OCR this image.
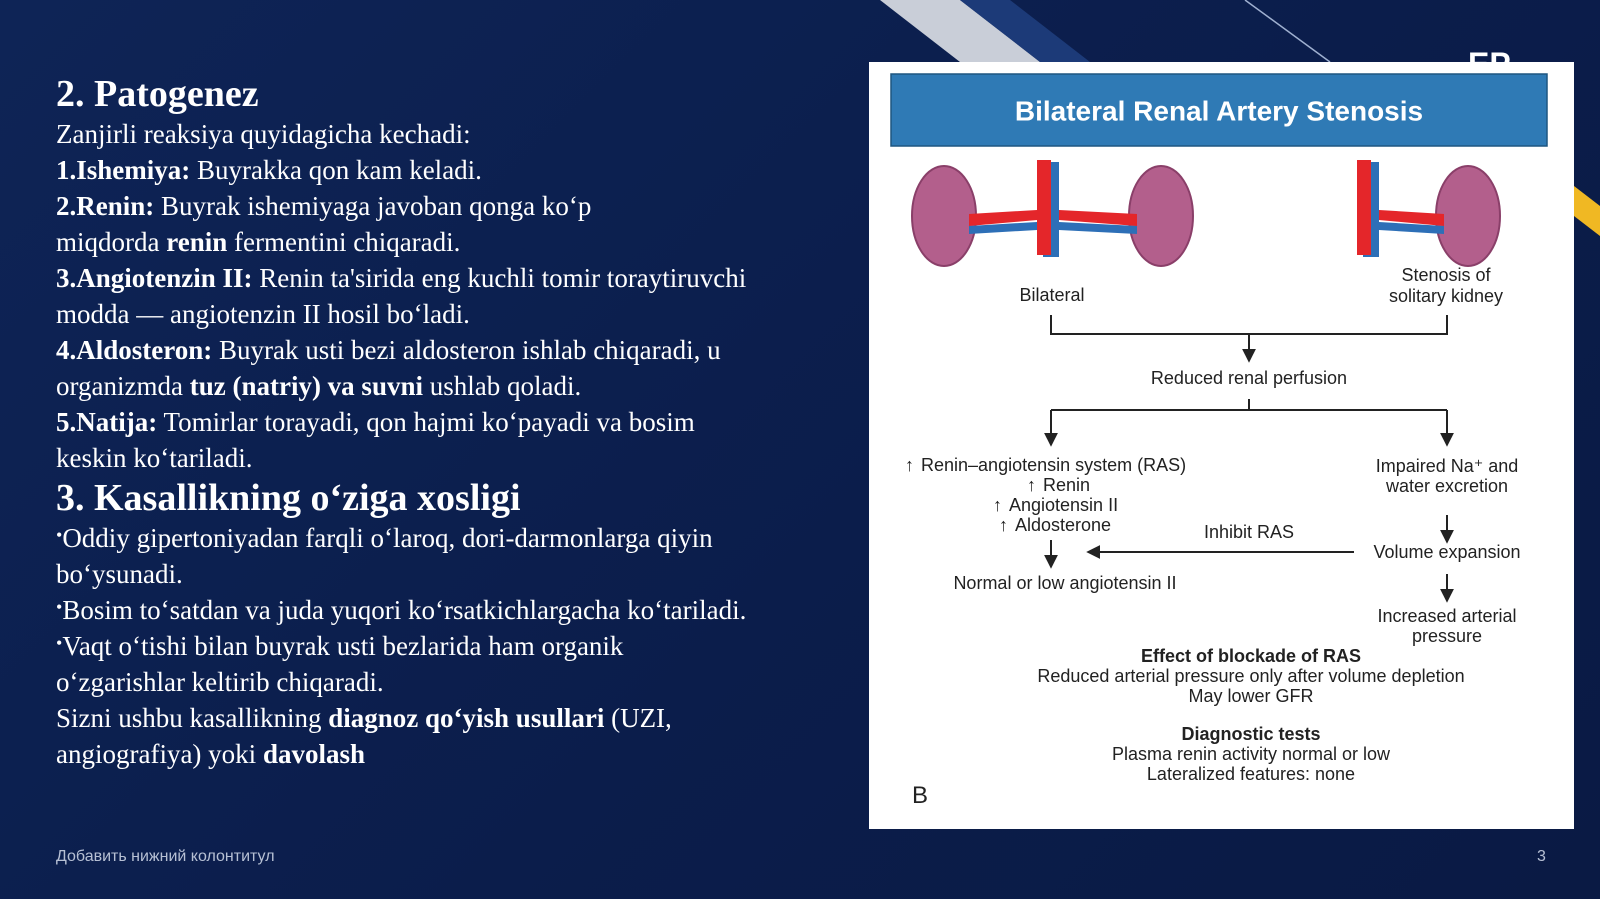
2. Patogenez

Zanjirli reaksiya quyidagicha kechadi:

1.Ishemiya: Buyrakka qon kam keladi.

2.Renin: Buyrak ishemiyaga javoban qonga ko‘p

miqdorda renin fermentini chiqaradi.

3.Angiotenzin II: Renin ta'sirida eng kuchli tomir toraytiruvchi

modda — angiotenzin II hosil bo‘ladi.

4.Aldosteron: Buyrak usti bezi aldosteron ishlab chiqaradi, u

organizmda tuz (natriy) va suvni ushlab qoladi.

5.Natija: Tomirlar torayadi, qon hajmi ko‘payadi va bosim

keskin ko‘tariladi.

3. Kasallikning o‘ziga xosligi

•Oddiy gipertoniyadan farqli o‘laroq, dori-darmonlarga qiyin

bo‘ysunadi.

•Bosim to‘satdan va juda yuqori ko‘rsatkichlargacha ko‘tariladi.

•Vaqt o‘tishi bilan buyrak usti bezlarida ham organik

o‘zgarishlar keltirib chiqaradi.

Sizni ushbu kasallikning diagnoz qo‘yish usullari (UZI,

angiografiya) yoki davolash

Bilateral Renal Artery Stenosis
Bilateral
Stenosis of
solitary kidney
Reduced renal perfusion
↑ Renin–angiotensin system (RAS)
↑ Renin
↑ Angiotensin II
↑ Aldosterone
Impaired Na⁺ and
water excretion
Volume expansion
Inhibit RAS
Normal or low angiotensin II
Increased arterial
pressure
Effect of blockade of RAS
Reduced arterial pressure only after volume depletion
May lower GFR
Diagnostic tests
Plasma renin activity normal or low
Lateralized features: none
B
Добавить нижний колонтитул	3
